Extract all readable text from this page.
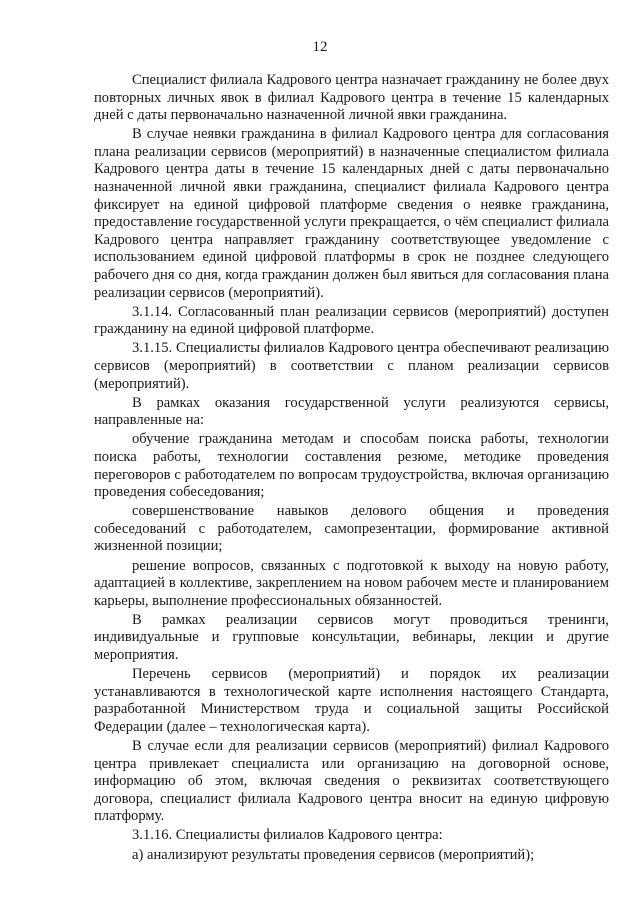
12

Специалист филиала Кадрового центра назначает гражданину не более двух повторных личных явок в филиал Кадрового центра в течение 15 календарных дней с даты первоначально назначенной личной явки гражданина.

В случае неявки гражданина в филиал Кадрового центра для согласования плана реализации сервисов (мероприятий) в назначенные специалистом филиала Кадрового центра даты в течение 15 календарных дней с даты первоначально назначенной личной явки гражданина, специалист филиала Кадрового центра фиксирует на единой цифровой платформе сведения о неявке гражданина, предоставление государственной услуги прекращается, о чём специалист филиала Кадрового центра направляет гражданину соответствующее уведомление с использованием единой цифровой платформы в срок не позднее следующего рабочего дня со дня, когда гражданин должен был явиться для согласования плана реализации сервисов (мероприятий).

3.1.14. Согласованный план реализации сервисов (мероприятий) доступен гражданину на единой цифровой платформе.

3.1.15. Специалисты филиалов Кадрового центра обеспечивают реализацию сервисов (мероприятий) в соответствии с планом реализации сервисов (мероприятий).

В рамках оказания государственной услуги реализуются сервисы, направленные на:

обучение гражданина методам и способам поиска работы, технологии поиска работы, технологии составления резюме, методике проведения переговоров с работодателем по вопросам трудоустройства, включая организацию проведения собеседования;

совершенствование навыков делового общения и проведения собеседований с работодателем, самопрезентации, формирование активной жизненной позиции;

решение вопросов, связанных с подготовкой к выходу на новую работу, адаптацией в коллективе, закреплением на новом рабочем месте и планированием карьеры, выполнение профессиональных обязанностей.

В рамках реализации сервисов могут проводиться тренинги, индивидуальные и групповые консультации, вебинары, лекции и другие мероприятия.

Перечень сервисов (мероприятий) и порядок их реализации устанавливаются в технологической карте исполнения настоящего Стандарта, разработанной Министерством труда и социальной защиты Российской Федерации (далее – технологическая карта).

В случае если для реализации сервисов (мероприятий) филиал Кадрового центра привлекает специалиста или организацию на договорной основе, информацию об этом, включая сведения о реквизитах соответствующего договора, специалист филиала Кадрового центра вносит на единую цифровую платформу.

3.1.16. Специалисты филиалов Кадрового центра:

а) анализируют результаты проведения сервисов (мероприятий);
